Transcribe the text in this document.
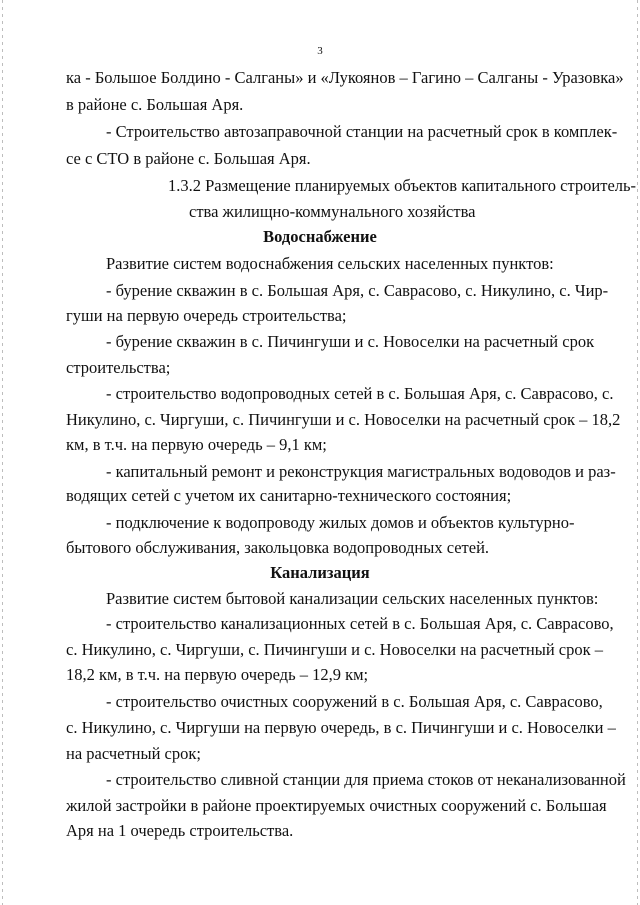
3
ка - Большое Болдино - Салганы» и «Лукоянов – Гагино – Салганы - Уразовка»
в районе с. Большая Аря.
- Строительство автозаправочной станции на расчетный срок в комплек-
се с СТО в районе с. Большая Аря.
1.3.2 Размещение планируемых объектов капитального строитель-
ства жилищно-коммунального хозяйства
Водоснабжение
Развитие систем водоснабжения сельских населенных пунктов:
- бурение скважин в с. Большая Аря, с. Саврасово, с. Никулино, с. Чир-
гуши на первую очередь строительства;
- бурение скважин в с. Пичингуши и с. Новоселки на расчетный срок
строительства;
- строительство водопроводных сетей в с. Большая Аря, с. Саврасово, с.
Никулино, с. Чиргуши, с. Пичингуши и с. Новоселки на расчетный срок – 18,2
км, в т.ч. на первую очередь – 9,1 км;
- капитальный ремонт и реконструкция магистральных водоводов и раз-
водящих сетей с учетом их санитарно-технического состояния;
- подключение к водопроводу жилых домов и объектов культурно-
бытового обслуживания, закольцовка водопроводных сетей.
Канализация
Развитие систем бытовой канализации сельских населенных пунктов:
- строительство канализационных сетей в с. Большая Аря, с. Саврасово,
с. Никулино, с. Чиргуши, с. Пичингуши и с. Новоселки на расчетный срок –
18,2 км, в т.ч. на первую очередь – 12,9 км;
- строительство очистных сооружений в с. Большая Аря, с. Саврасово,
с. Никулино, с. Чиргуши на первую очередь, в с. Пичингуши и с. Новоселки –
на расчетный срок;
- строительство сливной станции для приема стоков от неканализованной
жилой застройки в районе проектируемых очистных сооружений с. Большая
Аря на 1 очередь строительства.
